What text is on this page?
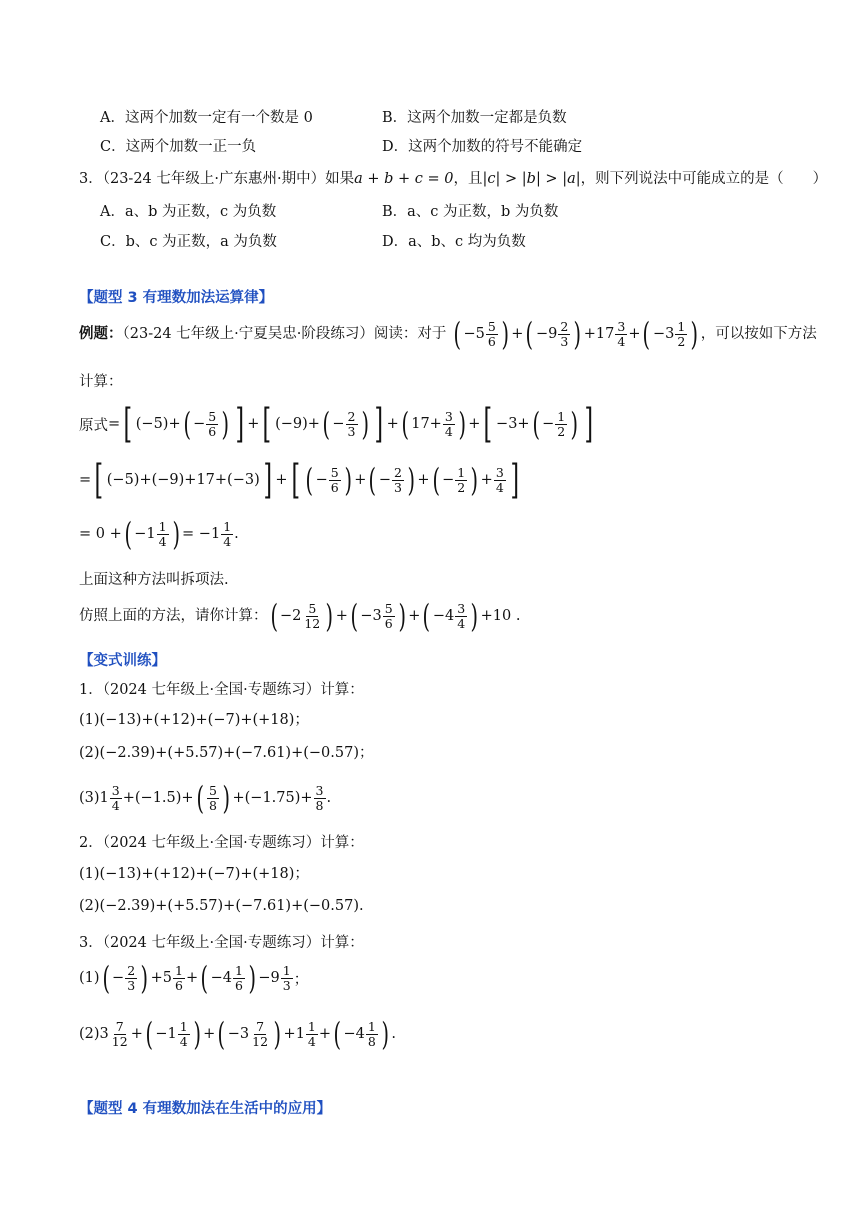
A．这两个加数一定有一个数是 0	B．这两个加数一定都是负数
C．这两个加数一正一负	D．这两个加数的符号不能确定
3．（23-24 七年级上·广东惠州·期中）如果a + b + c = 0，且|c| > |b| > |a|，则下列说法中可能成立的是（　　）
A．a、b 为正数，c 为负数	B．a、c 为正数，b 为负数
C．b、c 为正数，a 为负数	D．a、b、c 均为负数
【题型 3 有理数加法运算律】
例题：（23-24 七年级上·宁夏吴忠·阶段练习）阅读：对于 ( −5 5
6 ) + ( −9 2
3 ) +17 3
4 + ( −3 1
2 ) ，可以按如下方法
计算：
原式 = [ (−5)+ ( − 5
6 ) ] + [ (−9)+ ( − 2
3 ) ] + ( 17+ 3
4 ) + [ −3+ ( − 1
2 ) ]
= [ (−5)+(−9)+17+(−3) ] + [ ( − 5
6 ) + ( − 2
3 ) + ( − 1
2 ) + 3
4 ]
= 0 + ( −1 1
4 ) = −1 1
4 .
上面这种方法叫拆项法.
仿照上面的方法，请你计算： ( −2 5
12 ) + ( −3 5
6 ) + ( −4 3
4 ) +10 .
【变式训练】
1．（2024 七年级上·全国·专题练习）计算：
(1)(−13)+(+12)+(−7)+(+18)；
(2)(−2.39)+(+5.57)+(−7.61)+(−0.57)；
(3) 1 3
4 +(−1.5)+ ( 5
8 ) +(−1.75)+ 3
8 .
2．（2024 七年级上·全国·专题练习）计算：
(1)(−13)+(+12)+(−7)+(+18)；
(2)(−2.39)+(+5.57)+(−7.61)+(−0.57).
3．（2024 七年级上·全国·专题练习）计算：
(1) ( − 2
3 ) +5 1
6 + ( −4 1
6 ) −9 1
3 ；
(2) 3 7
12 + ( −1 1
4 ) + ( −3 7
12 ) +1 1
4 + ( −4 1
8 ) .
【题型 4 有理数加法在生活中的应用】
